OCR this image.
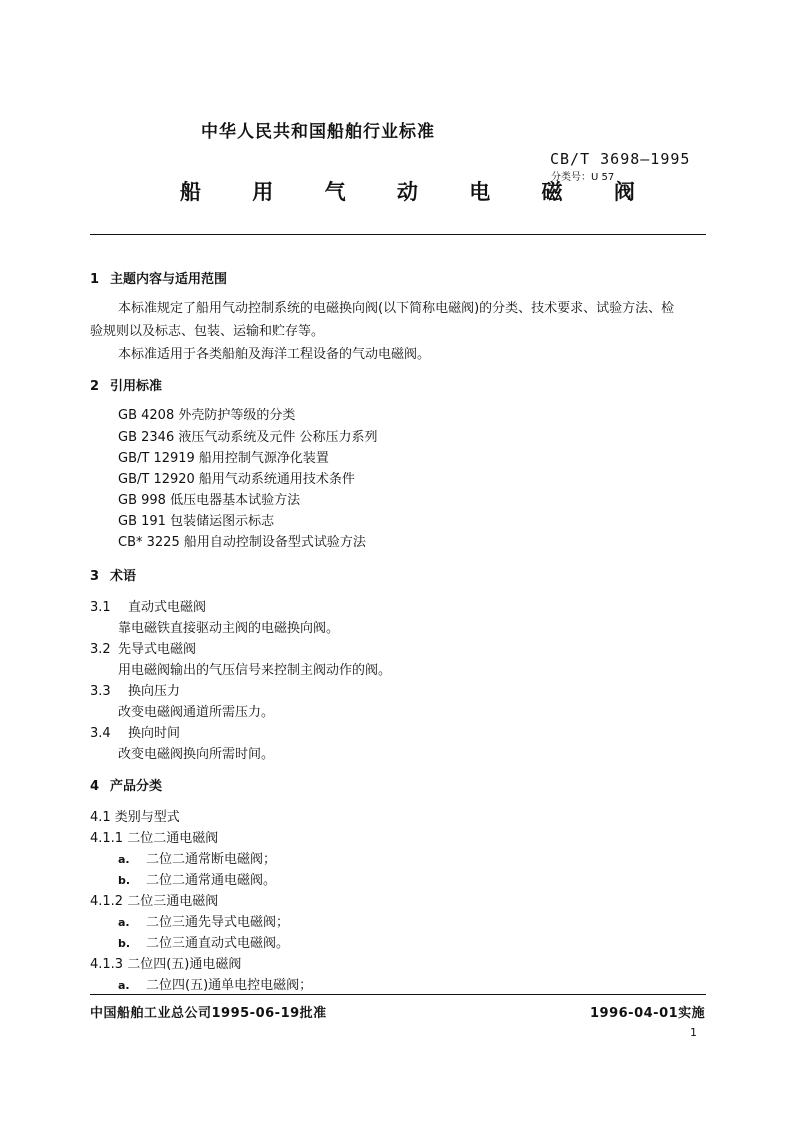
中华人民共和国船舶行业标准
CB/T 3698—1995
分类号：U 57
船 用 气 动 电 磁 阀
1 主题内容与适用范围
本标准规定了船用气动控制系统的电磁换向阀(以下简称电磁阀)的分类、技术要求、试验方法、检
验规则以及标志、包装、运输和贮存等。
本标准适用于各类船舶及海洋工程设备的气动电磁阀。
2 引用标准
GB 4208 外壳防护等级的分类
GB 2346 液压气动系统及元件 公称压力系列
GB/T 12919 船用控制气源净化装置
GB/T 12920 船用气动系统通用技术条件
GB 998 低压电器基本试验方法
GB 191 包装储运图示标志
CB* 3225 船用自动控制设备型式试验方法
3 术语
3.1 直动式电磁阀
靠电磁铁直接驱动主阀的电磁换向阀。
3.2 先导式电磁阀
用电磁阀输出的气压信号来控制主阀动作的阀。
3.3 换向压力
改变电磁阀通道所需压力。
3.4 换向时间
改变电磁阀换向所需时间。
4 产品分类
4.1 类别与型式
4.1.1 二位二通电磁阀
a. 二位二通常断电磁阀；
b. 二位二通常通电磁阀。
4.1.2 二位三通电磁阀
a. 二位三通先导式电磁阀；
b. 二位三通直动式电磁阀。
4.1.3 二位四(五)通电磁阀
a. 二位四(五)通单电控电磁阀；
中国船舶工业总公司1995-06-19批准	1996-04-01实施
1
